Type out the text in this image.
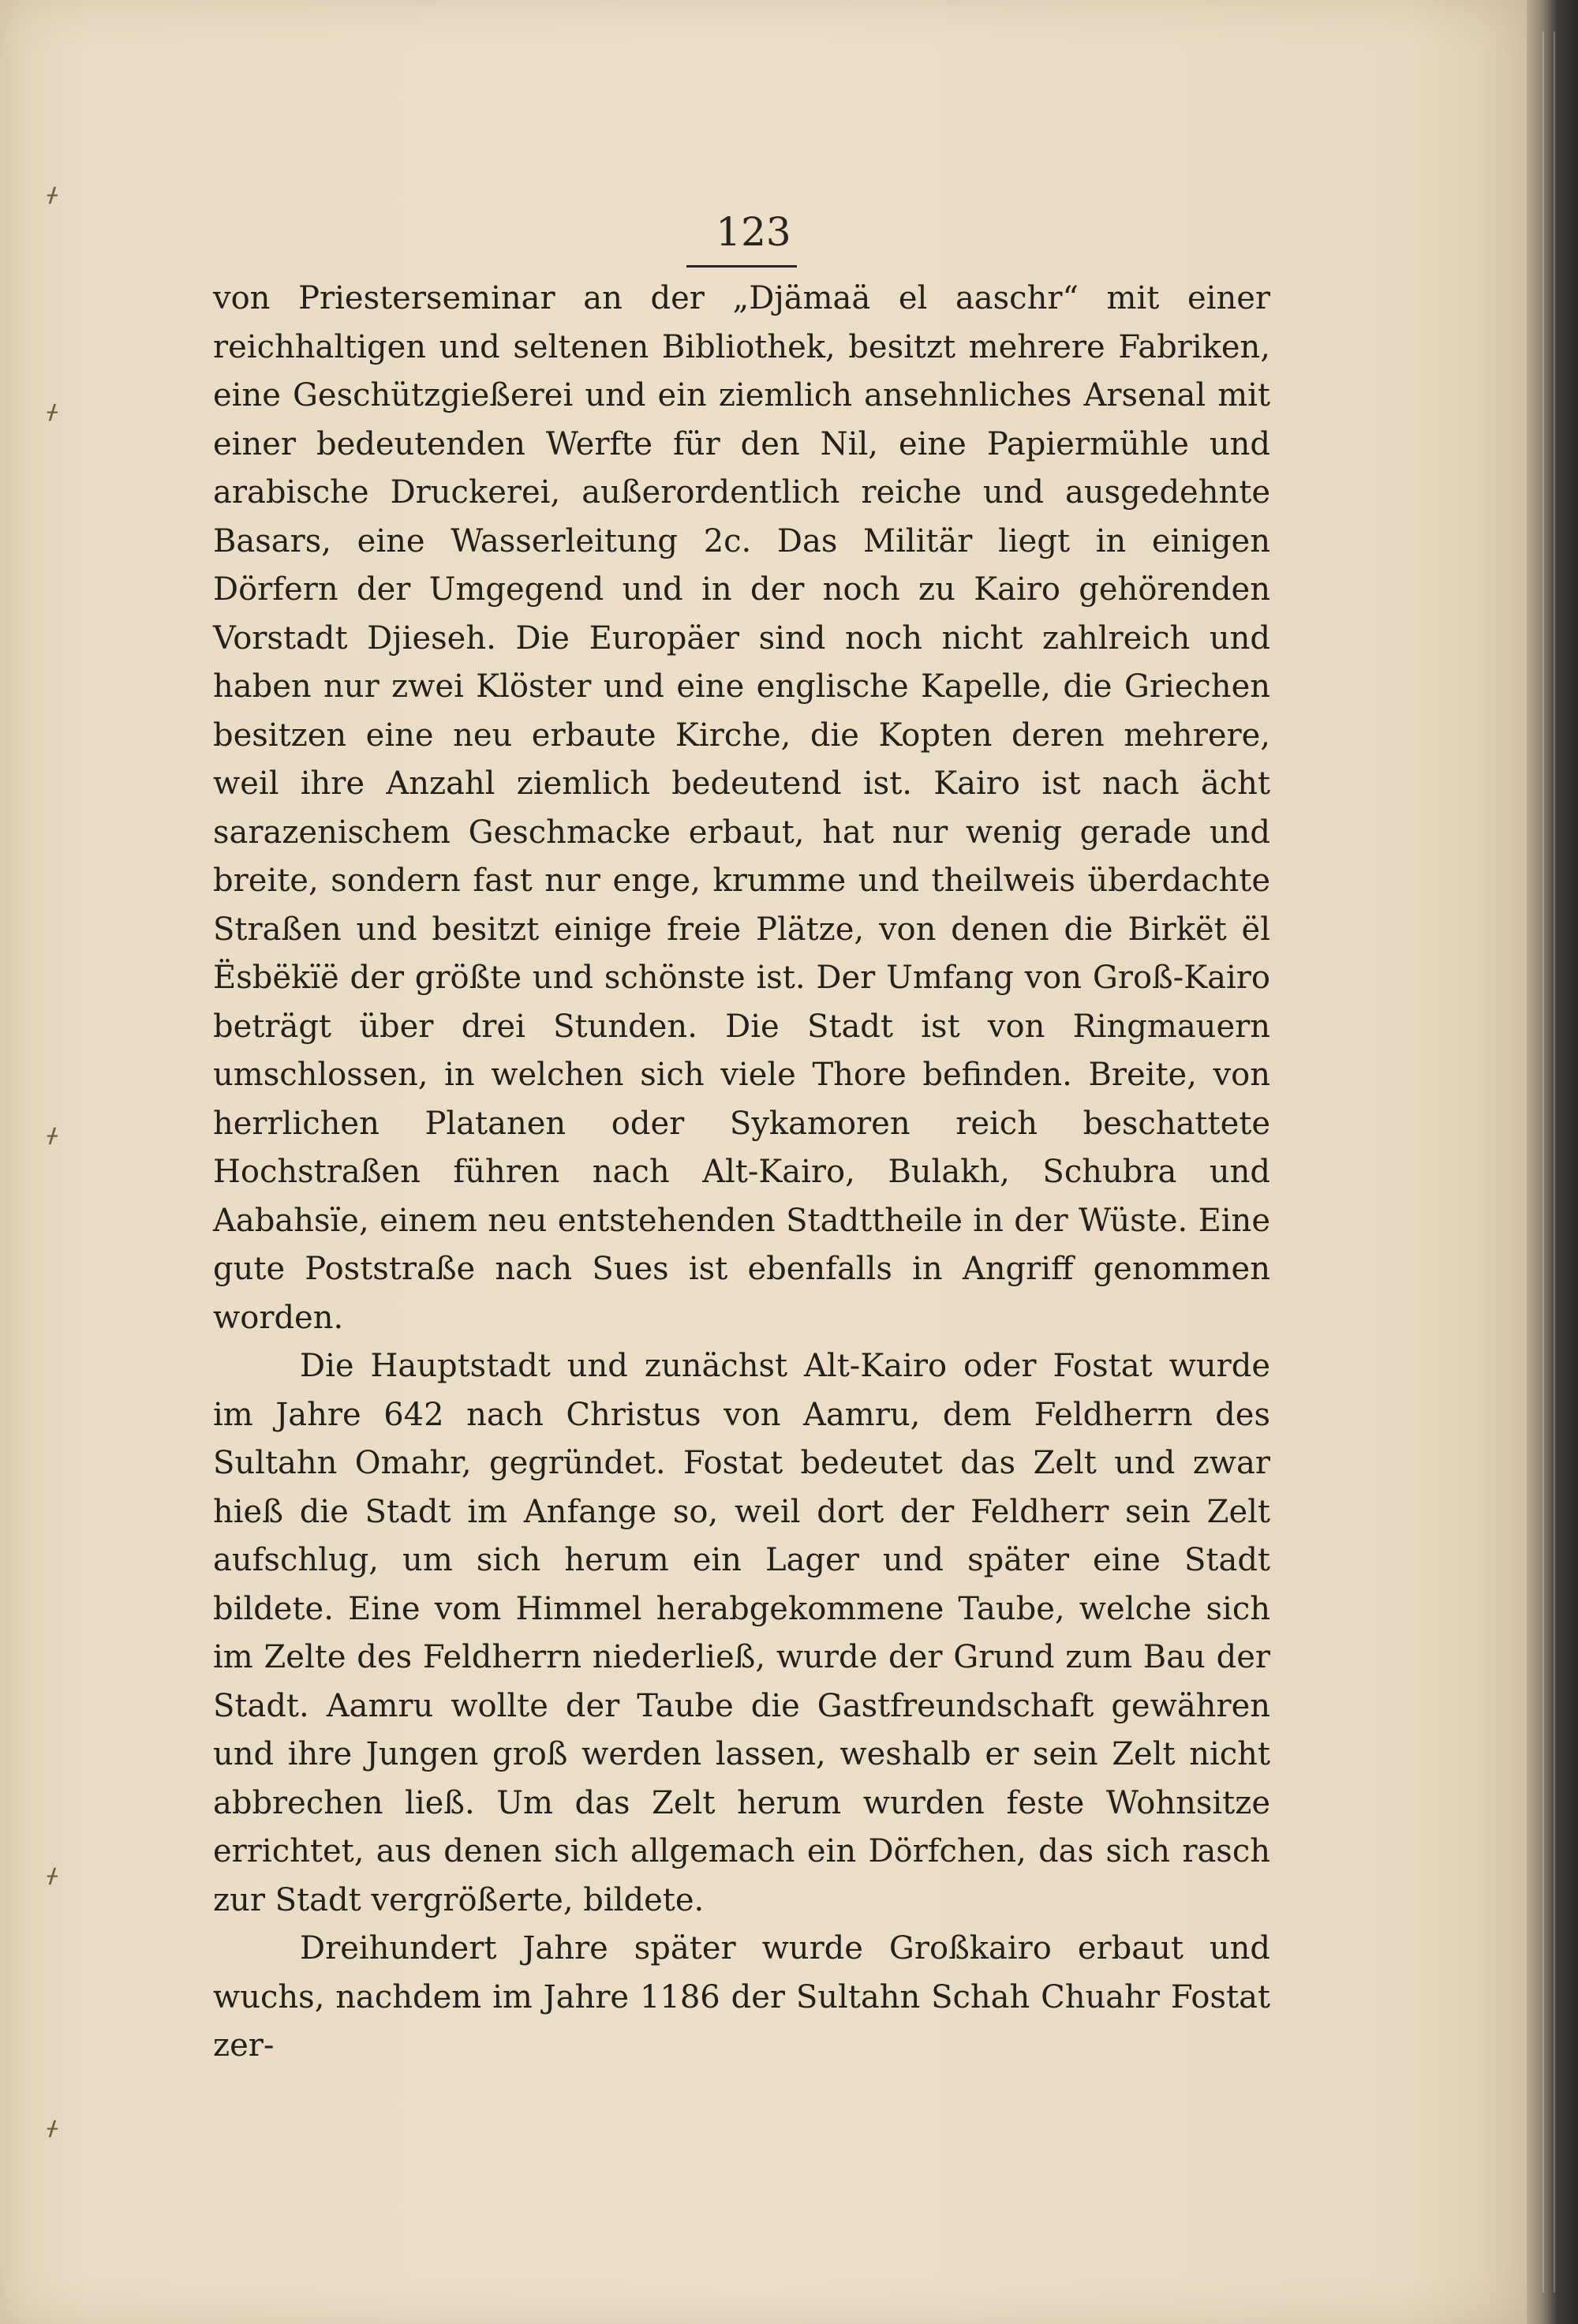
ᚋ
ᚋ
ᚋ
ᚋ
ᚋ

123

von Priesterseminar an der „Djämaä el aaschr“ mit einer reichhaltigen und seltenen Bibliothek, besitzt mehrere Fabriken, eine Geschützgießerei und ein ziemlich ansehnliches Arsenal mit einer bedeutenden Werfte für den Nil, eine Papiermühle und arabische Druckerei, außerordentlich reiche und ausgedehnte Basars, eine Wasserleitung 2c. Das Militär liegt in einigen Dörfern der Umgegend und in der noch zu Kairo gehörenden Vorstadt Djieseh. Die Europäer sind noch nicht zahlreich und haben nur zwei Klöster und eine englische Kapelle, die Griechen besitzen eine neu erbaute Kirche, die Kopten deren mehrere, weil ihre Anzahl ziemlich bedeutend ist. Kairo ist nach ächt sarazenischem Geschmacke erbaut, hat nur wenig gerade und breite, sondern fast nur enge, krumme und theilweis überdachte Straßen und besitzt einige freie Plätze, von denen die Birkët ël Ësbëkïë der größte und schönste ist. Der Umfang von Groß-Kairo beträgt über drei Stunden. Die Stadt ist von Ringmauern umschlossen, in welchen sich viele Thore befinden. Breite, von herrlichen Platanen oder Sykamoren reich beschattete Hochstraßen führen nach Alt-Kairo, Bulakh, Schubra und Aabahsïe, einem neu entstehenden Stadttheile in der Wüste. Eine gute Poststraße nach Sues ist ebenfalls in Angriff genommen worden.

Die Hauptstadt und zunächst Alt-Kairo oder Fostat wurde im Jahre 642 nach Christus von Aamru, dem Feldherrn des Sultahn Omahr, gegründet. Fostat bedeutet das Zelt und zwar hieß die Stadt im Anfange so, weil dort der Feldherr sein Zelt aufschlug, um sich herum ein Lager und später eine Stadt bildete. Eine vom Himmel herabgekommene Taube, welche sich im Zelte des Feldherrn niederließ, wurde der Grund zum Bau der Stadt. Aamru wollte der Taube die Gastfreundschaft gewähren und ihre Jungen groß werden lassen, weshalb er sein Zelt nicht abbrechen ließ. Um das Zelt herum wurden feste Wohnsitze errichtet, aus denen sich allgemach ein Dörfchen, das sich rasch zur Stadt vergrößerte, bildete.

Dreihundert Jahre später wurde Großkairo erbaut und wuchs, nachdem im Jahre 1186 der Sultahn Schah Chuahr Fostat zer-
